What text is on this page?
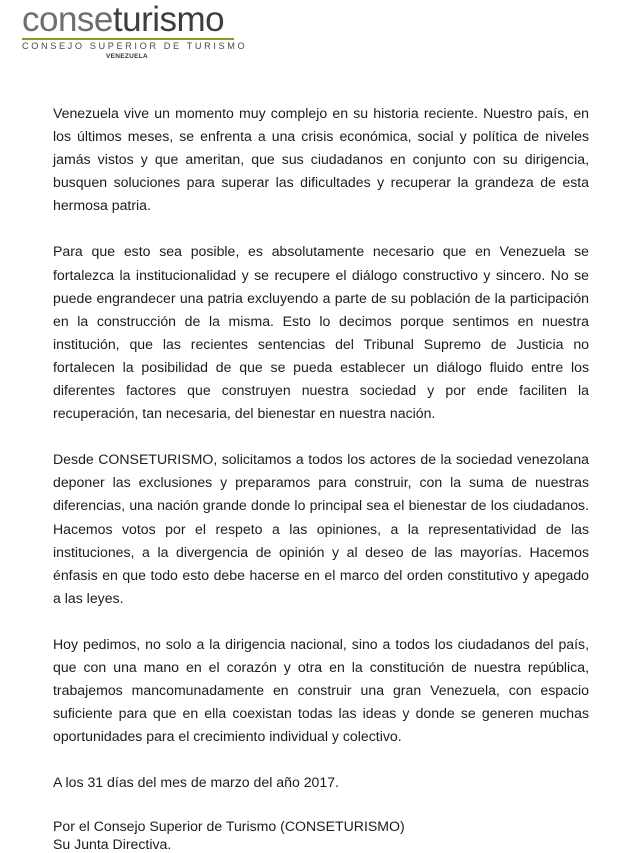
conseturismo
CONSEJO SUPERIOR DE TURISMO
VENEZUELA

Venezuela vive un momento muy complejo en su historia reciente. Nuestro país, en los últimos meses, se enfrenta a una crisis económica, social y política de niveles jamás vistos y que ameritan, que sus ciudadanos en conjunto con su dirigencia, busquen soluciones para superar las dificultades y recuperar la grandeza de esta hermosa patria.

Para que esto sea posible, es absolutamente necesario que en Venezuela se fortalezca la institucionalidad y se recupere el diálogo constructivo y sincero. No se puede engrandecer una patria excluyendo a parte de su población de la participación en la construcción de la misma. Esto lo decimos porque sentimos en nuestra institución, que las recientes sentencias del Tribunal Supremo de Justicia no fortalecen la posibilidad de que se pueda establecer un diálogo fluido entre los diferentes factores que construyen nuestra sociedad y por ende faciliten la recuperación, tan necesaria, del bienestar en nuestra nación.

Desde CONSETURISMO, solicitamos a todos los actores de la sociedad venezolana deponer las exclusiones y preparamos para construir, con la suma de nuestras diferencias, una nación grande donde lo principal sea el bienestar de los ciudadanos. Hacemos votos por el respeto a las opiniones, a la representatividad de las instituciones, a la divergencia de opinión y al deseo de las mayorías. Hacemos énfasis en que todo esto debe hacerse en el marco del orden constitutivo y apegado a las leyes.

Hoy pedimos, no solo a la dirigencia nacional, sino a todos los ciudadanos del país, que con una mano en el corazón y otra en la constitución de nuestra república, trabajemos mancomunadamente en construir una gran Venezuela, con espacio suficiente para que en ella coexistan todas las ideas y donde se generen muchas oportunidades para el crecimiento individual y colectivo.

A los 31 días del mes de marzo del año 2017.

Por el Consejo Superior de Turismo (CONSETURISMO)

Su Junta Directiva.
